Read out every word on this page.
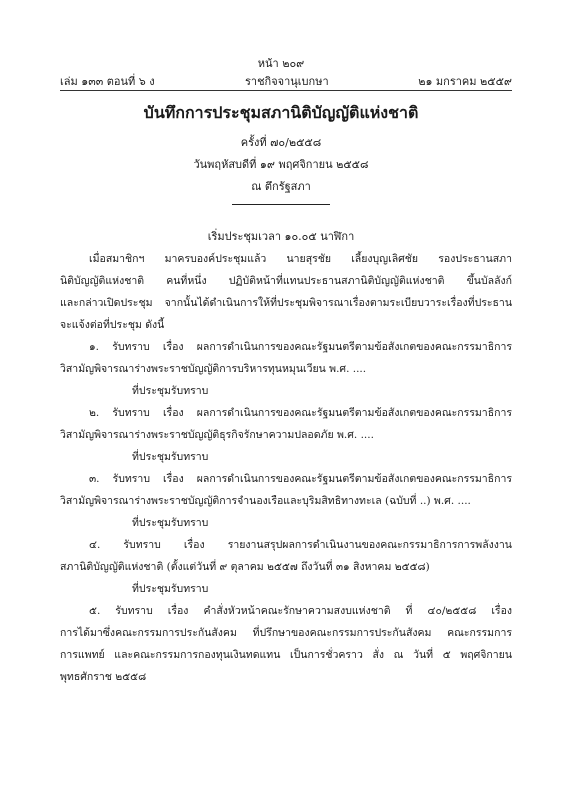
หน้า ๒๐๙
เล่ม ๑๓๓ ตอนที่ ๖ ง	ราชกิจจานุเบกษา	๒๑ มกราคม ๒๕๕๙
บันทึกการประชุมสภานิติบัญญัติแห่งชาติ
ครั้งที่ ๗๐/๒๕๕๘
วันพฤหัสบดีที่ ๑๙ พฤศจิกายน ๒๕๕๘
ณ ตึกรัฐสภา
เริ่มประชุมเวลา ๑๐.๐๕ นาฬิกา
เมื่อสมาชิกฯ มาครบองค์ประชุมแล้ว นายสุรชัย เลี้ยงบุญเลิศชัย รองประธานสภา
นิติบัญญัติแห่งชาติ คนที่หนึ่ง ปฏิบัติหน้าที่แทนประธานสภานิติบัญญัติแห่งชาติ ขึ้นบัลลังก์
และกล่าวเปิดประชุม จากนั้นได้ดำเนินการให้ที่ประชุมพิจารณาเรื่องตามระเบียบวาระเรื่องที่ประธาน
จะแจ้งต่อที่ประชุม ดังนี้
๑. รับทราบ เรื่อง ผลการดำเนินการของคณะรัฐมนตรีตามข้อสังเกตของคณะกรรมาธิการ
วิสามัญพิจารณาร่างพระราชบัญญัติการบริหารทุนหมุนเวียน พ.ศ. ....
ที่ประชุมรับทราบ
๒. รับทราบ เรื่อง ผลการดำเนินการของคณะรัฐมนตรีตามข้อสังเกตของคณะกรรมาธิการ
วิสามัญพิจารณาร่างพระราชบัญญัติธุรกิจรักษาความปลอดภัย พ.ศ. ....
ที่ประชุมรับทราบ
๓. รับทราบ เรื่อง ผลการดำเนินการของคณะรัฐมนตรีตามข้อสังเกตของคณะกรรมาธิการ
วิสามัญพิจารณาร่างพระราชบัญญัติการจำนองเรือและบุริมสิทธิทางทะเล (ฉบับที่ ..) พ.ศ. ....
ที่ประชุมรับทราบ
๔. รับทราบ เรื่อง รายงานสรุปผลการดำเนินงานของคณะกรรมาธิการการพลังงาน
สภานิติบัญญัติแห่งชาติ (ตั้งแต่วันที่ ๙ ตุลาคม ๒๕๕๗ ถึงวันที่ ๓๑ สิงหาคม ๒๕๕๘)
ที่ประชุมรับทราบ
๕. รับทราบ เรื่อง คำสั่งหัวหน้าคณะรักษาความสงบแห่งชาติ ที่ ๔๐/๒๕๕๘ เรื่อง
การได้มาซึ่งคณะกรรมการประกันสังคม ที่ปรึกษาของคณะกรรมการประกันสังคม คณะกรรมการ
การแพทย์ และคณะกรรมการกองทุนเงินทดแทน เป็นการชั่วคราว สั่ง ณ วันที่ ๕ พฤศจิกายน
พุทธศักราช ๒๕๕๘
